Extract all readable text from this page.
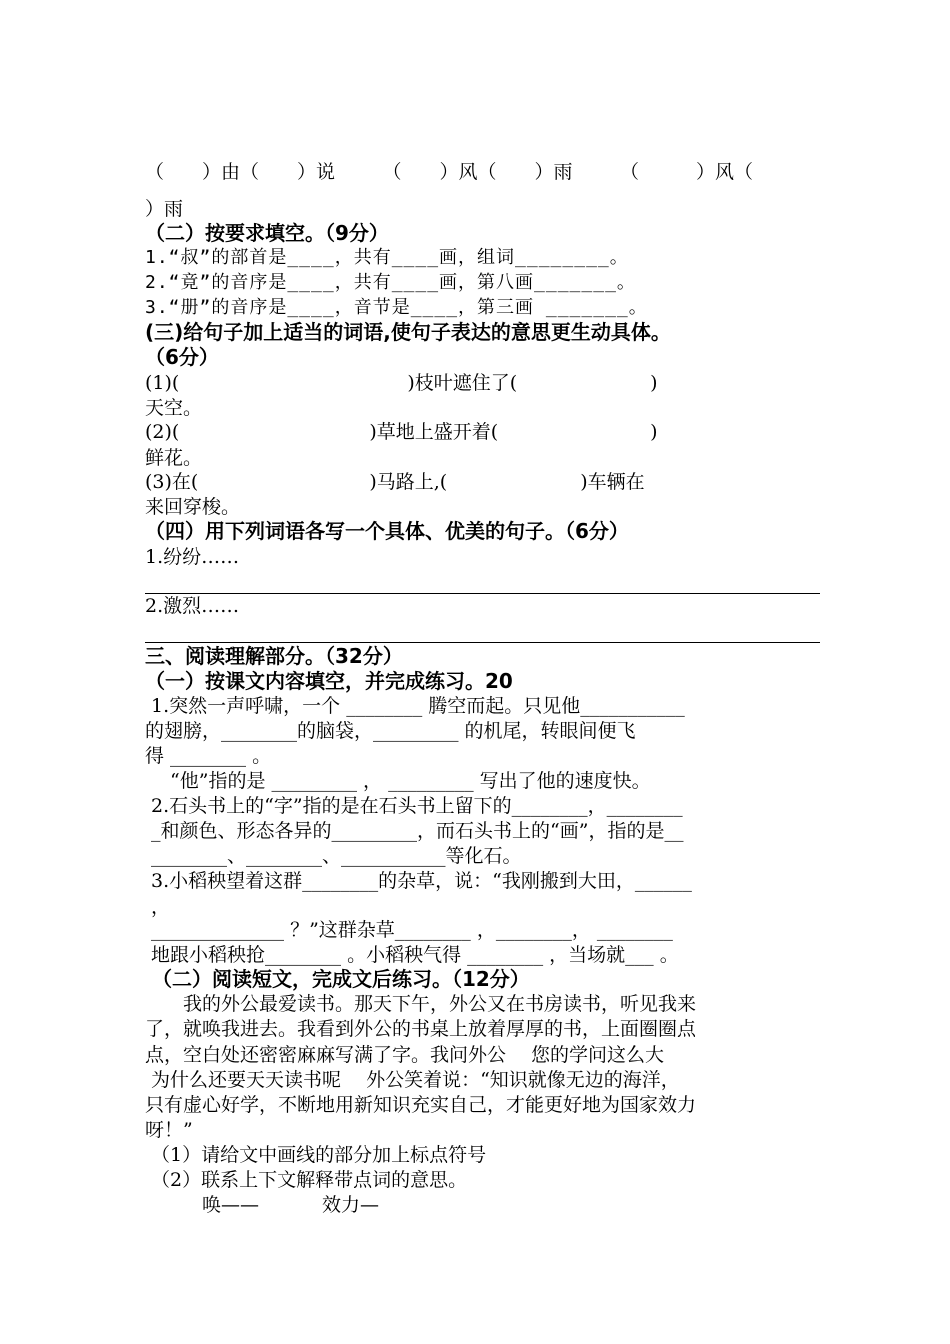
（　　）由（　　）说　　　（　　）风（　　）雨　　　（　　　）风（
）雨
（二）按要求填空。（9分）
1.“叔”的部首是____，共有____画，组词________。
2.“竟”的音序是____，共有____画，第八画_______。
3.“册”的音序是____，音节是____，第三画 _______。
(三)给句子加上适当的词语,使句子表达的意思更生动具体。
（6分）
(1)(　　　　　　　　　　　　)枝叶遮住了(　　　　　　　)
天空。
(2)(　　　　　　　　　　)草地上盛开着(　　　　　　　　)
鲜花。
(3)在(　　　　　　　　　)马路上,(　　　　　　　)车辆在
来回穿梭。
（四）用下列词语各写一个具体、优美的句子。（6分）
1.纷纷……
2.激烈……
三、阅读理解部分。（32分）
（一）按课文内容填空，并完成练习。20
1.突然一声呼啸，一个 ________ 腾空而起。只见他___________
的翅膀，________的脑袋，_________ 的机尾，转眼间便飞
得 ________ 。
　 “他”指的是 _________ ， _________ 写出了他的速度快。
2.石头书上的“字”指的是在石头书上留下的________，________
_和颜色、形态各异的_________，而石头书上的“画”，指的是__
________、________、___________等化石。
3.小稻秧望着这群________的杂草，说：“我刚搬到大田，______
，
______________ ？”这群杂草________ ，________， ________
地跟小稻秧抢________ 。小稻秧气得 ________ ，当场就___ 。
（二）阅读短文，完成文后练习。（12分）
　　我的外公最爱读书。那天下午，外公又在书房读书，听见我来
了，就唤我进去。我看到外公的书桌上放着厚厚的书，上面圈圈点
点，空白处还密密麻麻写满了字。我问外公　 您的学问这么大
为什么还要天天读书呢　 外公笑着说：“知识就像无边的海洋，
只有虚心好学，不断地用新知识充实自己，才能更好地为国家效力
呀！”
（1）请给文中画线的部分加上标点符号
（2）联系上下文解释带点词的意思。
　　　唤——　　　 效力—
